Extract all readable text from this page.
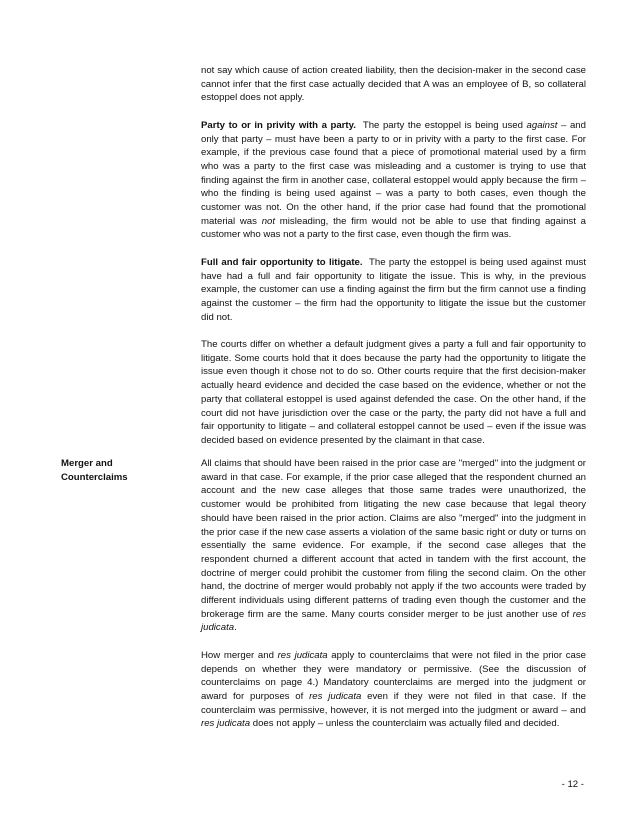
not say which cause of action created liability, then the decision-maker in the second case cannot infer that the first case actually decided that A was an employee of B, so collateral estoppel does not apply.

Party to or in privity with a party. The party the estoppel is being used against – and only that party – must have been a party to or in privity with a party to the first case. For example, if the previous case found that a piece of promotional material used by a firm who was a party to the first case was misleading and a customer is trying to use that finding against the firm in another case, collateral estoppel would apply because the firm – who the finding is being used against – was a party to both cases, even though the customer was not. On the other hand, if the prior case had found that the promotional material was not misleading, the firm would not be able to use that finding against a customer who was not a party to the first case, even though the firm was.

Full and fair opportunity to litigate. The party the estoppel is being used against must have had a full and fair opportunity to litigate the issue. This is why, in the previous example, the customer can use a finding against the firm but the firm cannot use a finding against the customer – the firm had the opportunity to litigate the issue but the customer did not.

The courts differ on whether a default judgment gives a party a full and fair opportunity to litigate. Some courts hold that it does because the party had the opportunity to litigate the issue even though it chose not to do so. Other courts require that the first decision-maker actually heard evidence and decided the case based on the evidence, whether or not the party that collateral estoppel is used against defended the case. On the other hand, if the court did not have jurisdiction over the case or the party, the party did not have a full and fair opportunity to litigate – and collateral estoppel cannot be used – even if the issue was decided based on evidence presented by the claimant in that case.

Merger and
Counterclaims

All claims that should have been raised in the prior case are "merged" into the judgment or award in that case. For example, if the prior case alleged that the respondent churned an account and the new case alleges that those same trades were unauthorized, the customer would be prohibited from litigating the new case because that legal theory should have been raised in the prior action. Claims are also "merged" into the judgment in the prior case if the new case asserts a violation of the same basic right or duty or turns on essentially the same evidence. For example, if the second case alleges that the respondent churned a different account that acted in tandem with the first account, the doctrine of merger could prohibit the customer from filing the second claim. On the other hand, the doctrine of merger would probably not apply if the two accounts were traded by different individuals using different patterns of trading even though the customer and the brokerage firm are the same. Many courts consider merger to be just another use of res judicata.

How merger and res judicata apply to counterclaims that were not filed in the prior case depends on whether they were mandatory or permissive. (See the discussion of counterclaims on page 4.) Mandatory counterclaims are merged into the judgment or award for purposes of res judicata even if they were not filed in that case. If the counterclaim was permissive, however, it is not merged into the judgment or award – and res judicata does not apply – unless the counterclaim was actually filed and decided.

- 12 -
